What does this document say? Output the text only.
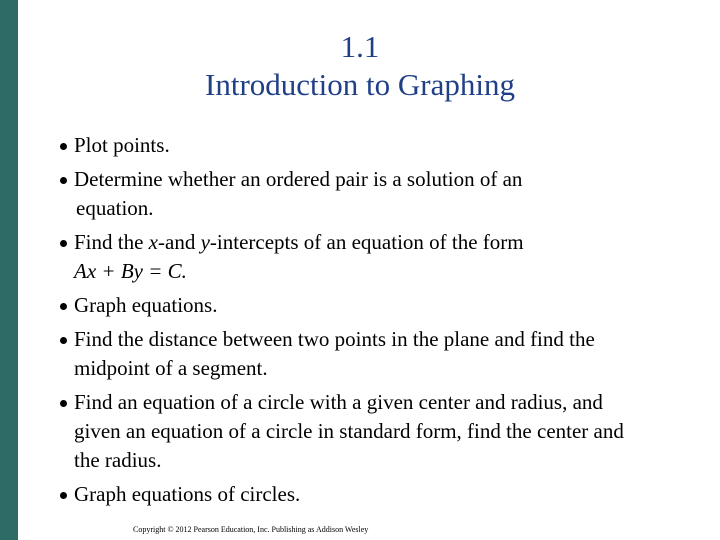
1.1
Introduction to Graphing
Plot points.
Determine whether an ordered pair is a solution of an
equation.
Find the x-and y-intercepts of an equation of the form
Ax + By = C.
Graph equations.
Find the distance between two points in the plane and find the
midpoint of a segment.
Find an equation of a circle with a given center and radius, and
given an equation of a circle in standard form, find the center and
the radius.
Graph equations of circles.
Copyright © 2012 Pearson Education, Inc. Publishing as Addison Wesley
